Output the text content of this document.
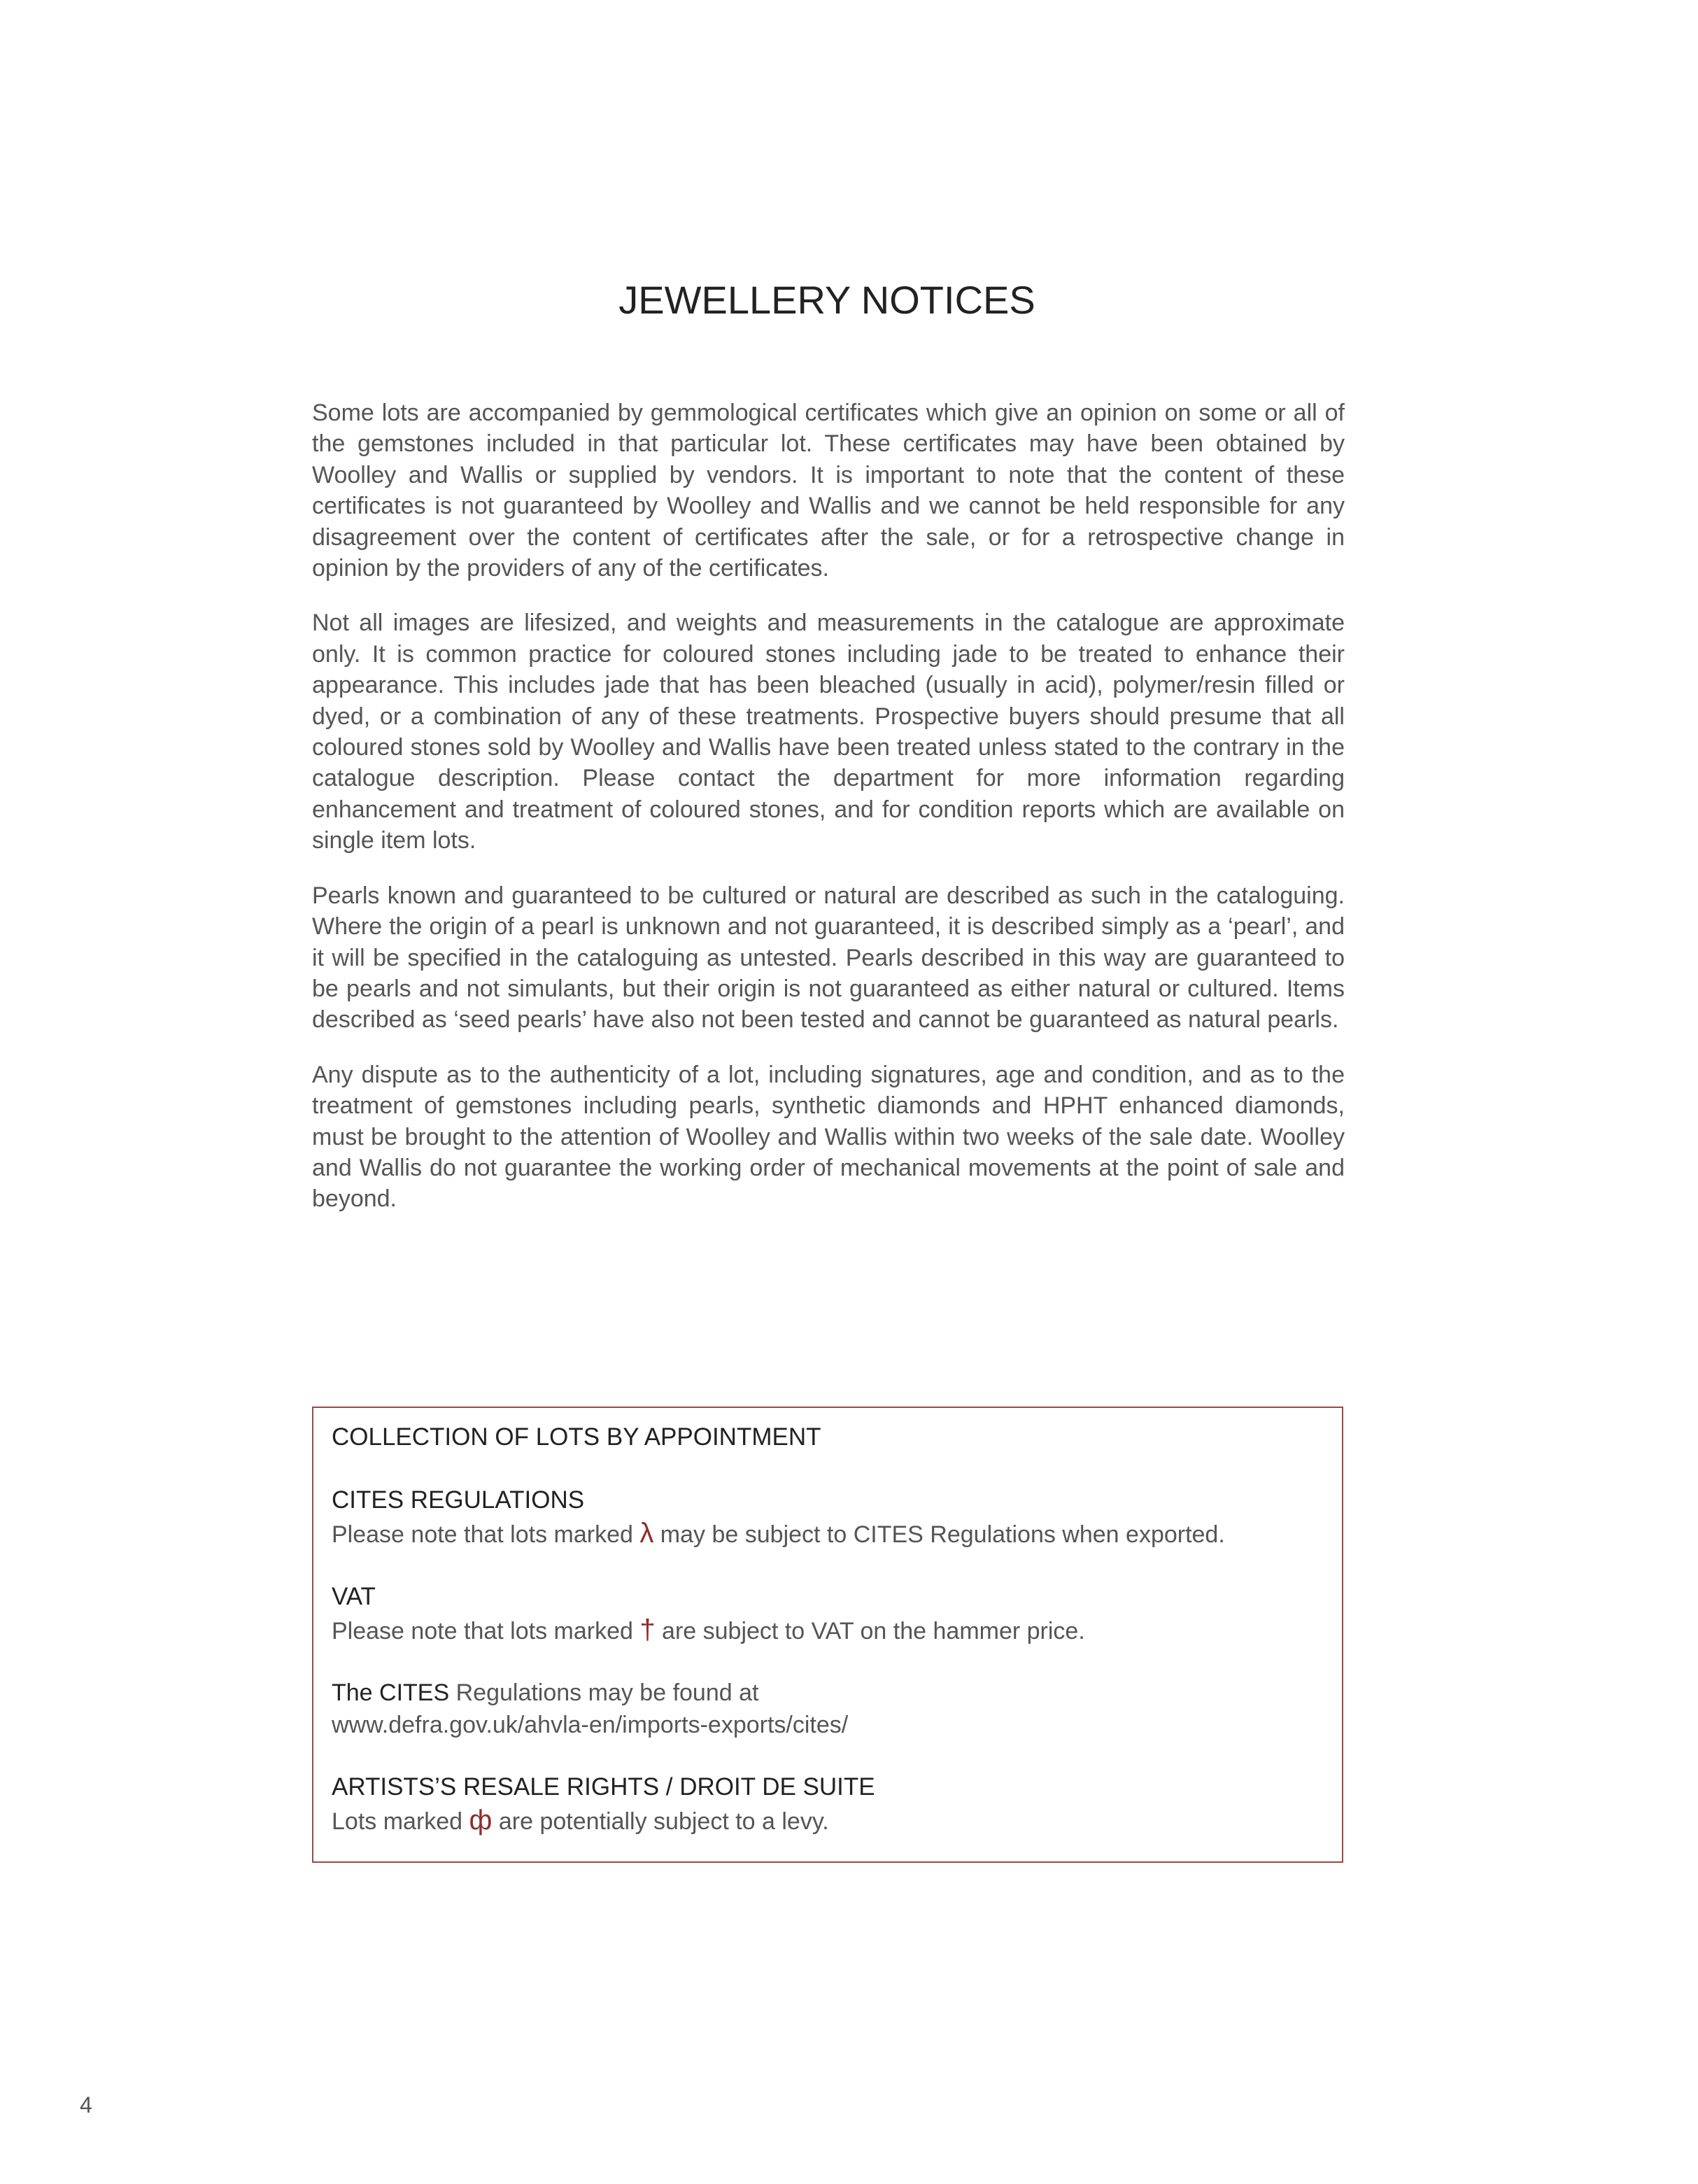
JEWELLERY NOTICES

Some lots are accompanied by gemmological certificates which give an opinion on some or all of the gemstones included in that particular lot. These certificates may have been obtained by Woolley and Wallis or supplied by vendors. It is important to note that the content of these certificates is not guaranteed by Woolley and Wallis and we cannot be held responsible for any disagreement over the content of certificates after the sale, or for a retrospective change in opinion by the providers of any of the certificates.

Not all images are lifesized, and weights and measurements in the catalogue are approximate only. It is common practice for coloured stones including jade to be treated to enhance their appearance. This includes jade that has been bleached (usually in acid), polymer/resin filled or dyed, or a combination of any of these treatments. Prospective buyers should presume that all coloured stones sold by Woolley and Wallis have been treated unless stated to the contrary in the catalogue description. Please contact the department for more information regarding enhancement and treatment of coloured stones, and for condition reports which are available on single item lots.

Pearls known and guaranteed to be cultured or natural are described as such in the cataloguing. Where the origin of a pearl is unknown and not guaranteed, it is described simply as a ‘pearl’, and it will be specified in the cataloguing as untested. Pearls described in this way are guaranteed to be pearls and not simulants, but their origin is not guaranteed as either natural or cultured. Items described as ‘seed pearls’ have also not been tested and cannot be guaranteed as natural pearls.

Any dispute as to the authenticity of a lot, including signatures, age and condition, and as to the treatment of gemstones including pearls, synthetic diamonds and HPHT enhanced diamonds, must be brought to the attention of Woolley and Wallis within two weeks of the sale date. Woolley and Wallis do not guarantee the working order of mechanical movements at the point of sale and beyond.

COLLECTION OF LOTS BY APPOINTMENT

CITES REGULATIONS

Please note that lots marked λ may be subject to CITES Regulations when exported.

VAT

Please note that lots marked † are subject to VAT on the hammer price.

The CITES Regulations may be found at

www.defra.gov.uk/ahvla-en/imports-exports/cites/

ARTISTS’S RESALE RIGHTS / DROIT DE SUITE

Lots marked ф are potentially subject to a levy.

4
